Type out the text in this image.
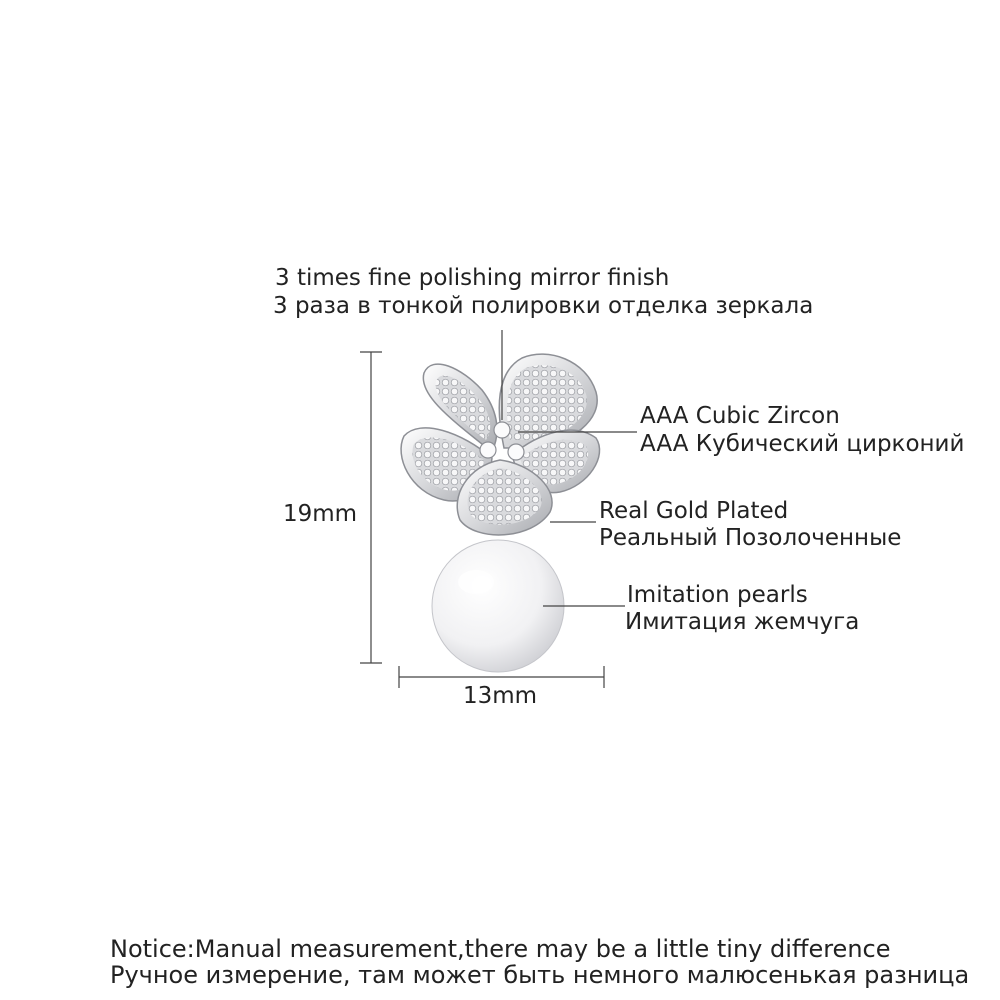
3 times fine polishing mirror finish
3 раза в тонкой полировки отделка зеркала
AAA Cubic Zircon
AAA Кубический цирконий
Real Gold Plated
Реальный Позолоченные
Imitation pearls
Имитация жемчуга
19mm
13mm
Notice:Manual measurement,there may be a little tiny difference
Ручное измерение, там может быть немного малюсенькая разница
